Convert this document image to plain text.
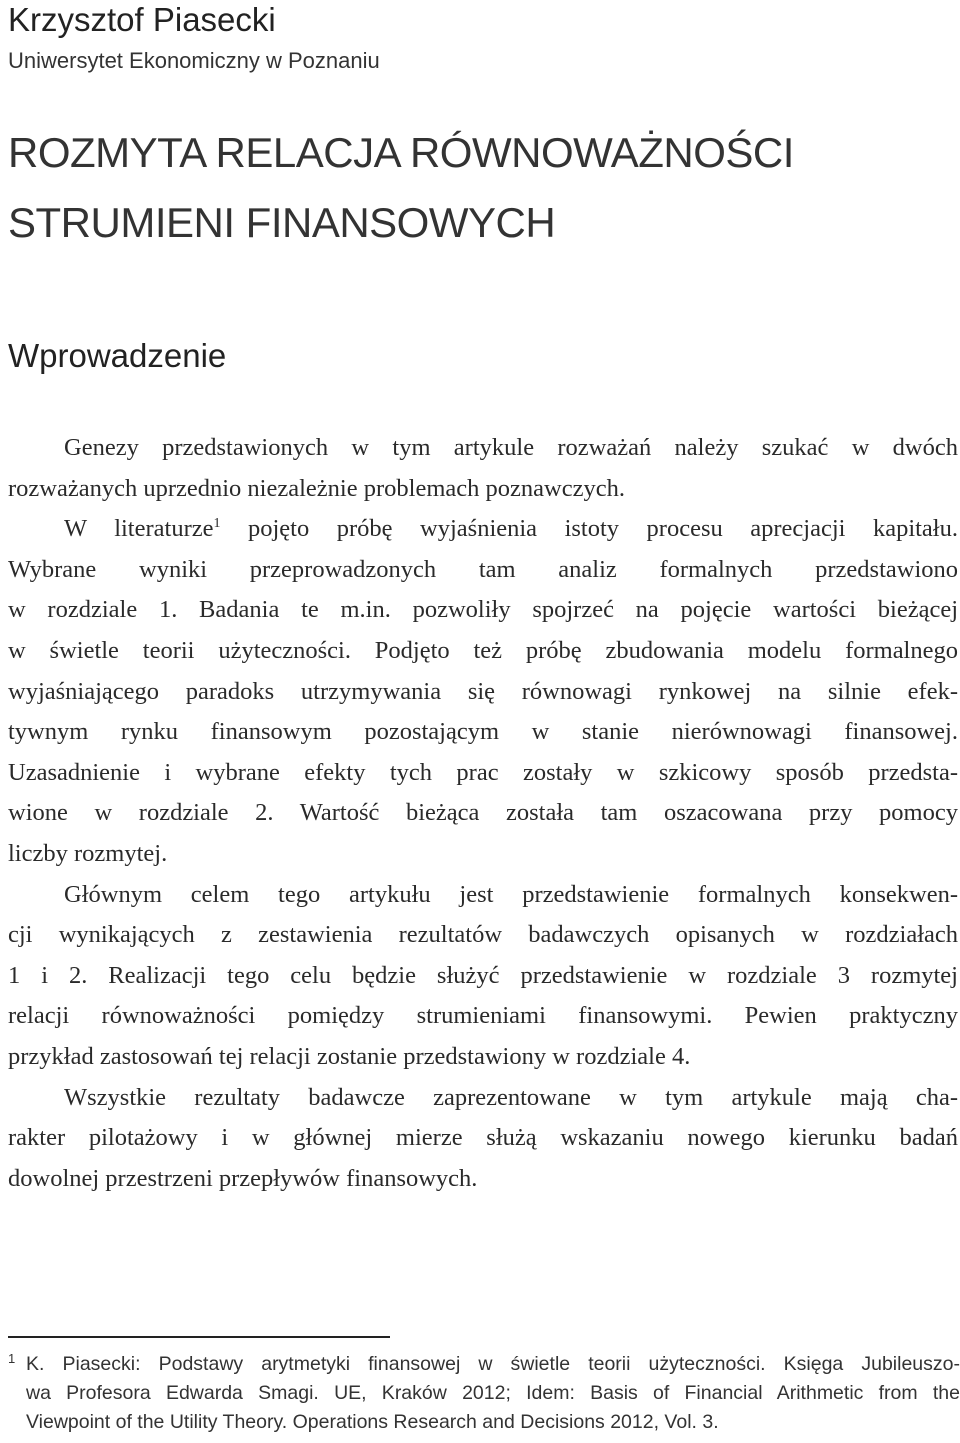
Krzysztof Piasecki
Uniwersytet Ekonomiczny w Poznaniu
ROZMYTA RELACJA RÓWNOWAŻNOŚCI
STRUMIENI FINANSOWYCH
Wprowadzenie
Genezy przedstawionych w tym artykule rozważań należy szukać w dwóch
rozważanych uprzednio niezależnie problemach poznawczych.
W literaturze$^1$ pojęto próbę wyjaśnienia istoty procesu aprecjacji kapitału.
Wybrane wyniki przeprowadzonych tam analiz formalnych przedstawiono
w rozdziale 1. Badania te m.in. pozwoliły spojrzeć na pojęcie wartości bieżącej
w świetle teorii użyteczności. Podjęto też próbę zbudowania modelu formalnego
wyjaśniającego paradoks utrzymywania się równowagi rynkowej na silnie efek-
tywnym rynku finansowym pozostającym w stanie nierównowagi finansowej.
Uzasadnienie i wybrane efekty tych prac zostały w szkicowy sposób przedsta-
wione w rozdziale 2. Wartość bieżąca została tam oszacowana przy pomocy
liczby rozmytej.
Głównym celem tego artykułu jest przedstawienie formalnych konsekwen-
cji wynikających z zestawienia rezultatów badawczych opisanych w rozdziałach
1 i 2. Realizacji tego celu będzie służyć przedstawienie w rozdziale 3 rozmytej
relacji równoważności pomiędzy strumieniami finansowymi. Pewien praktyczny
przykład zastosowań tej relacji zostanie przedstawiony w rozdziale 4.
Wszystkie rezultaty badawcze zaprezentowane w tym artykule mają cha-
rakter pilotażowy i w głównej mierze służą wskazaniu nowego kierunku badań
dowolnej przestrzeni przepływów finansowych.
1 K. Piasecki: Podstawy arytmetyki finansowej w świetle teorii użyteczności. Księga Jubileuszo-
wa Profesora Edwarda Smagi. UE, Kraków 2012; Idem: Basis of Financial Arithmetic from the
Viewpoint of the Utility Theory. Operations Research and Decisions 2012, Vol. 3.
